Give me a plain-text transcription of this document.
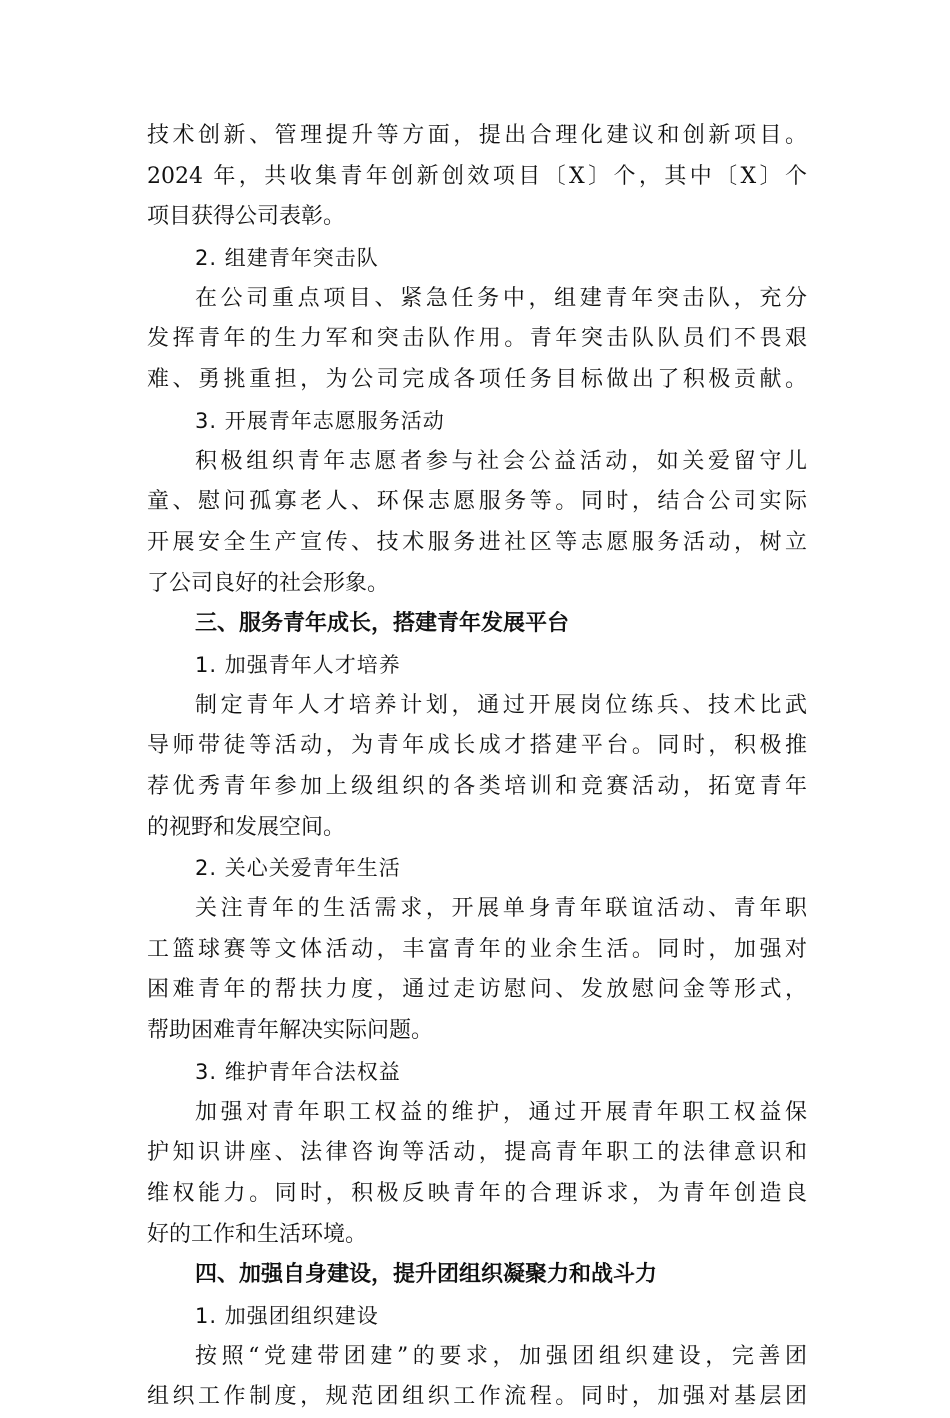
技术创新、管理提升等方面，提出合理化建议和创新项目。
2024 年，共收集青年创新创效项目〔X〕个，其中〔X〕个
项目获得公司表彰。
2. 组建青年突击队
在公司重点项目、紧急任务中，组建青年突击队，充分
发挥青年的生力军和突击队作用。青年突击队队员们不畏艰
难、勇挑重担，为公司完成各项任务目标做出了积极贡献。
3. 开展青年志愿服务活动
积极组织青年志愿者参与社会公益活动，如关爱留守儿
童、慰问孤寡老人、环保志愿服务等。同时，结合公司实际
开展安全生产宣传、技术服务进社区等志愿服务活动，树立
了公司良好的社会形象。
三、服务青年成长，搭建青年发展平台
1. 加强青年人才培养
制定青年人才培养计划，通过开展岗位练兵、技术比武
导师带徒等活动，为青年成长成才搭建平台。同时，积极推
荐优秀青年参加上级组织的各类培训和竞赛活动，拓宽青年
的视野和发展空间。
2. 关心关爱青年生活
关注青年的生活需求，开展单身青年联谊活动、青年职
工篮球赛等文体活动，丰富青年的业余生活。同时，加强对
困难青年的帮扶力度，通过走访慰问、发放慰问金等形式，
帮助困难青年解决实际问题。
3. 维护青年合法权益
加强对青年职工权益的维护，通过开展青年职工权益保
护知识讲座、法律咨询等活动，提高青年职工的法律意识和
维权能力。同时，积极反映青年的合理诉求，为青年创造良
好的工作和生活环境。
四、加强自身建设，提升团组织凝聚力和战斗力
1. 加强团组织建设
按照“党建带团建”的要求，加强团组织建设，完善团
组织工作制度，规范团组织工作流程。同时，加强对基层团
